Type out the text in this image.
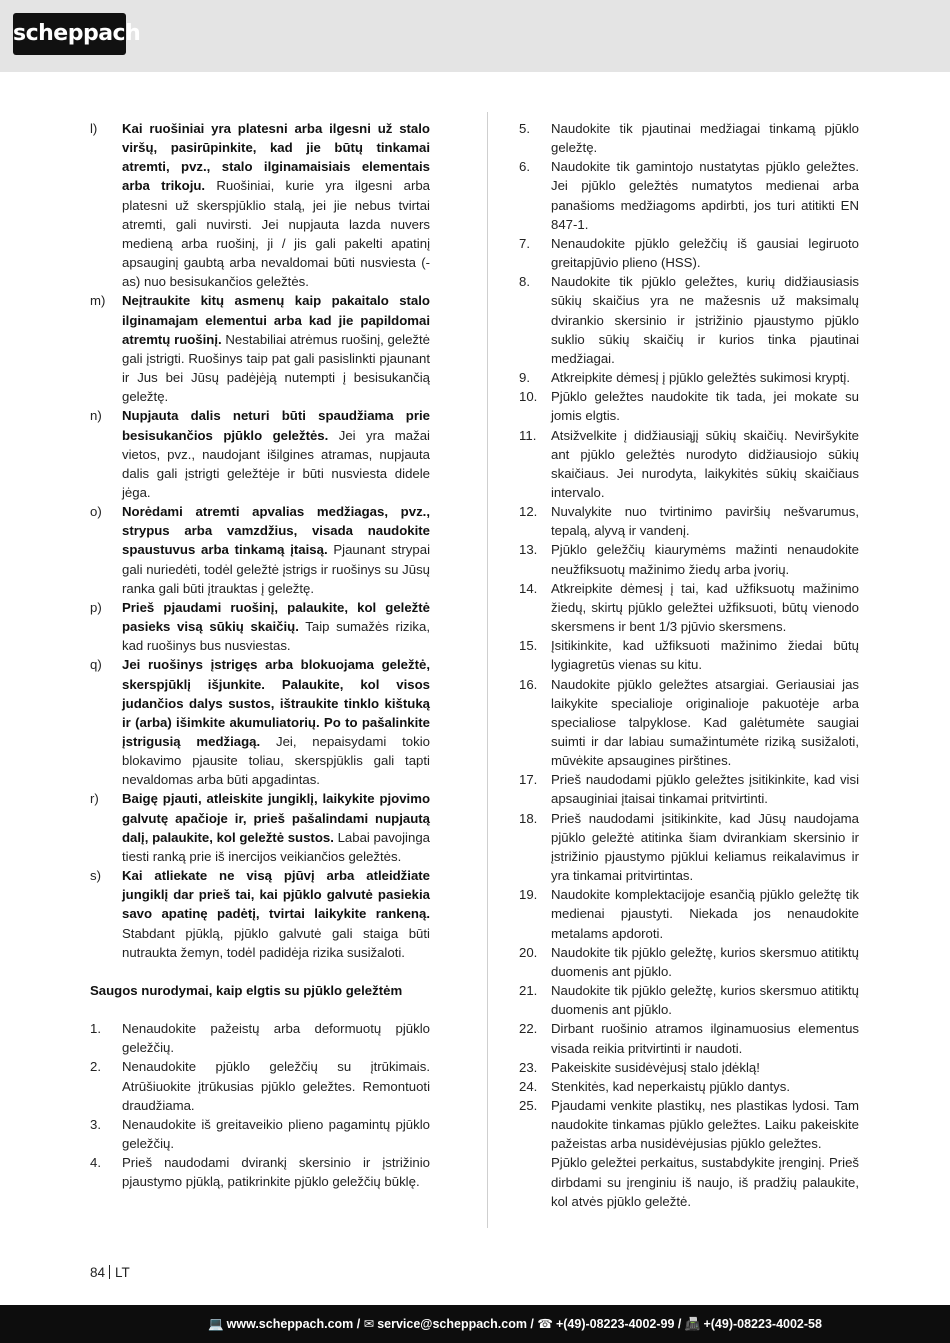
scheppach
l)	Kai ruošiniai yra platesni arba ilgesni už stalo viršų, pasirūpinkite, kad jie būtų tinkamai atremti, pvz., stalo ilginamaisiais elementais arba trikoju. Ruošiniai, kurie yra ilgesni arba platesni už skerspjūklio stalą, jei jie nebus tvirtai atremti, gali nuvirsti. Jei nupjauta lazda nuvers medieną arba ruošinį, ji / jis gali pakelti apatinį apsauginį gaubtą arba nevaldomai būti nusviesta (-as) nuo besisukančios geležtės.
m)	Neįtraukite kitų asmenų kaip pakaitalo stalo ilginamajam elementui arba kad jie papildomai atremtų ruošinį. Nestabiliai atrėmus ruošinį, geležtė gali įstrigti. Ruošinys taip pat gali pasislinkti pjaunant ir Jus bei Jūsų padėjėją nutempti į besisukančią geležtę.
n)	Nupjauta dalis neturi būti spaudžiama prie besisukančios pjūklo geležtės. Jei yra mažai vietos, pvz., naudojant išilgines atramas, nupjauta dalis gali įstrigti geležtėje ir būti nusviesta didele jėga.
o)	Norėdami atremti apvalias medžiagas, pvz., strypus arba vamzdžius, visada naudokite spaustuvus arba tinkamą įtaisą. Pjaunant strypai gali nuriedėti, todėl geležtė įstrigs ir ruošinys su Jūsų ranka gali būti įtrauktas į geležtę.
p)	Prieš pjaudami ruošinį, palaukite, kol geležtė pasieks visą sūkių skaičių. Taip sumažės rizika, kad ruošinys bus nusviestas.
q)	Jei ruošinys įstrigęs arba blokuojama geležtė, skerspjūklį išjunkite. Palaukite, kol visos judančios dalys sustos, ištraukite tinklo kištuką ir (arba) išimkite akumuliatorių. Po to pašalinkite įstrigusią medžiagą. Jei, nepaisydami tokio blokavimo pjausite toliau, skerspjūklis gali tapti nevaldomas arba būti apgadintas.
r)	Baigę pjauti, atleiskite jungiklį, laikykite pjovimo galvutę apačioje ir, prieš pašalindami nupjautą dalį, palaukite, kol geležtė sustos. Labai pavojinga tiesti ranką prie iš inercijos veikiančios geležtės.
s)	Kai atliekate ne visą pjūvį arba atleidžiate jungiklį dar prieš tai, kai pjūklo galvutė pasiekia savo apatinę padėtį, tvirtai laikykite rankeną. Stabdant pjūklą, pjūklo galvutė gali staiga būti nutraukta žemyn, todėl padidėja rizika susižaloti.
Saugos nurodymai, kaip elgtis su pjūklo geležtėm
1.	Nenaudokite pažeistų arba deformuotų pjūklo geležčių.
2.	Nenaudokite pjūklo geležčių su įtrūkimais. Atrūšiuokite įtrūkusias pjūklo geležtes. Remontuoti draudžiama.
3.	Nenaudokite iš greitaveikio plieno pagamintų pjūklo geležčių.
4.	Prieš naudodami dvirankį skersinio ir įstrižinio pjaustymo pjūklą, patikrinkite pjūklo geležčių būklę.
5.	Naudokite tik pjautinai medžiagai tinkamą pjūklo geležtę.
6.	Naudokite tik gamintojo nustatytas pjūklo geležtes. Jei pjūklo geležtės numatytos medienai arba panašioms medžiagoms apdirbti, jos turi atitikti EN 847-1.
7.	Nenaudokite pjūklo geležčių iš gausiai legiruoto greitapjūvio plieno (HSS).
8.	Naudokite tik pjūklo geležtes, kurių didžiausiasis sūkių skaičius yra ne mažesnis už maksimalų dvirankio skersinio ir įstrižinio pjaustymo pjūklo suklio sūkių skaičių ir kurios tinka pjautinai medžiagai.
9.	Atkreipkite dėmesį į pjūklo geležtės sukimosi kryptį.
10.	Pjūklo geležtes naudokite tik tada, jei mokate su jomis elgtis.
11.	Atsižvelkite į didžiausiąjį sūkių skaičių. Neviršykite ant pjūklo geležtės nurodyto didžiausiojo sūkių skaičiaus. Jei nurodyta, laikykitės sūkių skaičiaus intervalo.
12.	Nuvalykite nuo tvirtinimo paviršių nešvarumus, tepalą, alyvą ir vandenį.
13.	Pjūklo geležčių kiaurymėms mažinti nenaudokite neužfiksuotų mažinimo žiedų arba įvorių.
14.	Atkreipkite dėmesį į tai, kad užfiksuotų mažinimo žiedų, skirtų pjūklo geležtei užfiksuoti, būtų vienodo skersmens ir bent 1/3 pjūvio skersmens.
15.	Įsitikinkite, kad užfiksuoti mažinimo žiedai būtų lygiagretūs vienas su kitu.
16.	Naudokite pjūklo geležtes atsargiai. Geriausiai jas laikykite specialioje originalioje pakuotėje arba specialiose talpyklose. Kad galėtumėte saugiai suimti ir dar labiau sumažintumėte riziką susižaloti, mūvėkite apsaugines pirštines.
17.	Prieš naudodami pjūklo geležtes įsitikinkite, kad visi apsauginiai įtaisai tinkamai pritvirtinti.
18.	Prieš naudodami įsitikinkite, kad Jūsų naudojama pjūklo geležtė atitinka šiam dvirankiam skersinio ir įstrižinio pjaustymo pjūklui keliamus reikalavimus ir yra tinkamai pritvirtintas.
19.	Naudokite komplektacijoje esančią pjūklo geležtę tik medienai pjaustyti. Niekada jos nenaudokite metalams apdoroti.
20.	Naudokite tik pjūklo geležtę, kurios skersmuo atitiktų duomenis ant pjūklo.
21.	Naudokite tik pjūklo geležtę, kurios skersmuo atitiktų duomenis ant pjūklo.
22.	Dirbant ruošinio atramos ilginamuosius elementus visada reikia pritvirtinti ir naudoti.
23.	Pakeiskite susidėvėjusį stalo įdėklą!
24.	Stenkitės, kad neperkaistų pjūklo dantys.
25.	Pjaudami venkite plastikų, nes plastikas lydosi. Tam naudokite tinkamas pjūklo geležtes. Laiku pakeiskite pažeistas arba nusidėvėjusias pjūklo geležtes.
Pjūklo geležtei perkaitus, sustabdykite įrenginį. Prieš dirbdami su įrenginiu iš naujo, iš pradžių palaukite, kol atvės pjūklo geležtė.
84 LT
💻 www.scheppach.com / ✉ service@scheppach.com / ☎ +(49)-08223-4002-99 / 📠 +(49)-08223-4002-58
